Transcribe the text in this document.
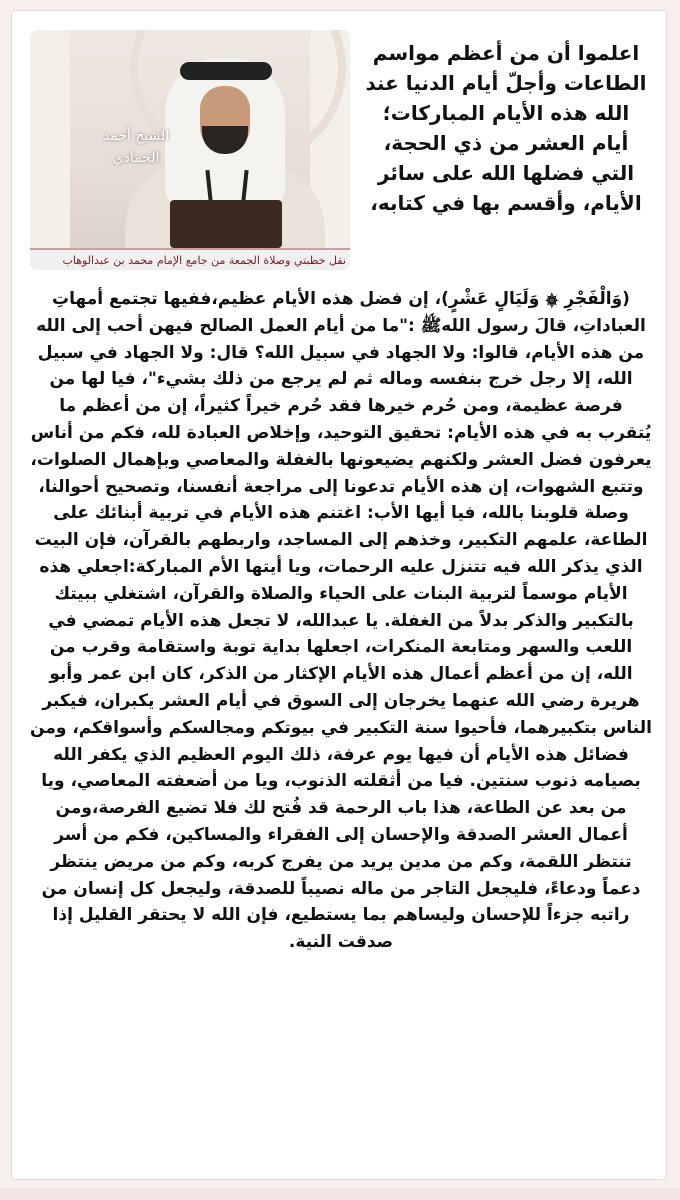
الشيخ أحمد الحمادي
نقل خطبتي وصلاة الجمعة من جامع الإمام محمد بن عبدالوهاب
اعلموا أن من أعظم مواسم الطاعات وأجلّ أيام الدنيا عند الله هذه الأيام المباركات؛ أيام العشر من ذي الحجة، التي فضلها الله على سائر الأيام، وأقسم بها في كتابه،
(وَالْفَجْرِ ۞ وَلَيَالٍ عَشْرٍ)، إن فضل هذه الأيام عظيم،ففيها تجتمع أمهاتِ العباداتِ، قالَ رسول اللهﷺ :"ما من أيام العمل الصالح فيهن أحب إلى الله من هذه الأيام، قالوا: ولا الجهاد في سبيل الله؟ قال: ولا الجهاد في سبيل الله، إلا رجل خرج بنفسه وماله ثم لم يرجع من ذلك بشيء"، فيا لها من فرصة عظيمة، ومن حُرم خيرها فقد حُرم خيراً كثيراً، إن من أعظم ما يُتقرب به في هذه الأيام: تحقيق التوحيد، وإخلاص العبادة لله، فكم من أناس يعرفون فضل العشر ولكنهم يضيعونها بالغفلة والمعاصي وبإهمال الصلوات، وتتبع الشهوات، إن هذه الأيام تدعونا إلى مراجعة أنفسنا، وتصحيح أحوالنا، وصلة قلوبنا بالله، فيا أيها الأب: اغتنم هذه الأيام في تربية أبنائك على الطاعة، علمهم التكبير، وخذهم إلى المساجد، واربطهم بالقرآن، فإن البيت الذي يذكر الله فيه تتنزل عليه الرحمات، ويا أيتها الأم المباركة:اجعلي هذه الأيام موسماً لتربية البنات على الحياء والصلاة والقرآن، اشتغلي ببيتك بالتكبير والذكر بدلاً من الغفلة. يا عبدالله، لا تجعل هذه الأيام تمضي في اللعب والسهر ومتابعة المنكرات، اجعلها بداية توبة واستقامة وقرب من الله، إن من أعظم أعمال هذه الأيام الإكثار من الذكر، كان ابن عمر وأبو هريرة رضي الله عنهما يخرجان إلى السوق في أيام العشر يكبران، فيكبر الناس بتكبيرهما، فأحيوا سنة التكبير في بيوتكم ومجالسكم وأسواقكم، ومن فضائل هذه الأيام أن فيها يوم عرفة، ذلك اليوم العظيم الذي يكفر الله بصيامه ذنوب سنتين. فيا من أثقلته الذنوب، ويا من أضعفته المعاصي، ويا من بعد عن الطاعة، هذا باب الرحمة قد فُتح لك فلا تضيع الفرصة،ومن أعمال العشر الصدقة والإحسان إلى الفقراء والمساكين، فكم من أسر تنتظر اللقمة، وكم من مدين يريد من يفرج كربه، وكم من مريض ينتظر دعماً ودعاءً، فليجعل التاجر من ماله نصيباً للصدقة، وليجعل كل إنسان من راتبه جزءاً للإحسان وليساهم بما يستطيع، فإن الله لا يحتقر القليل إذا صدقت النية.
